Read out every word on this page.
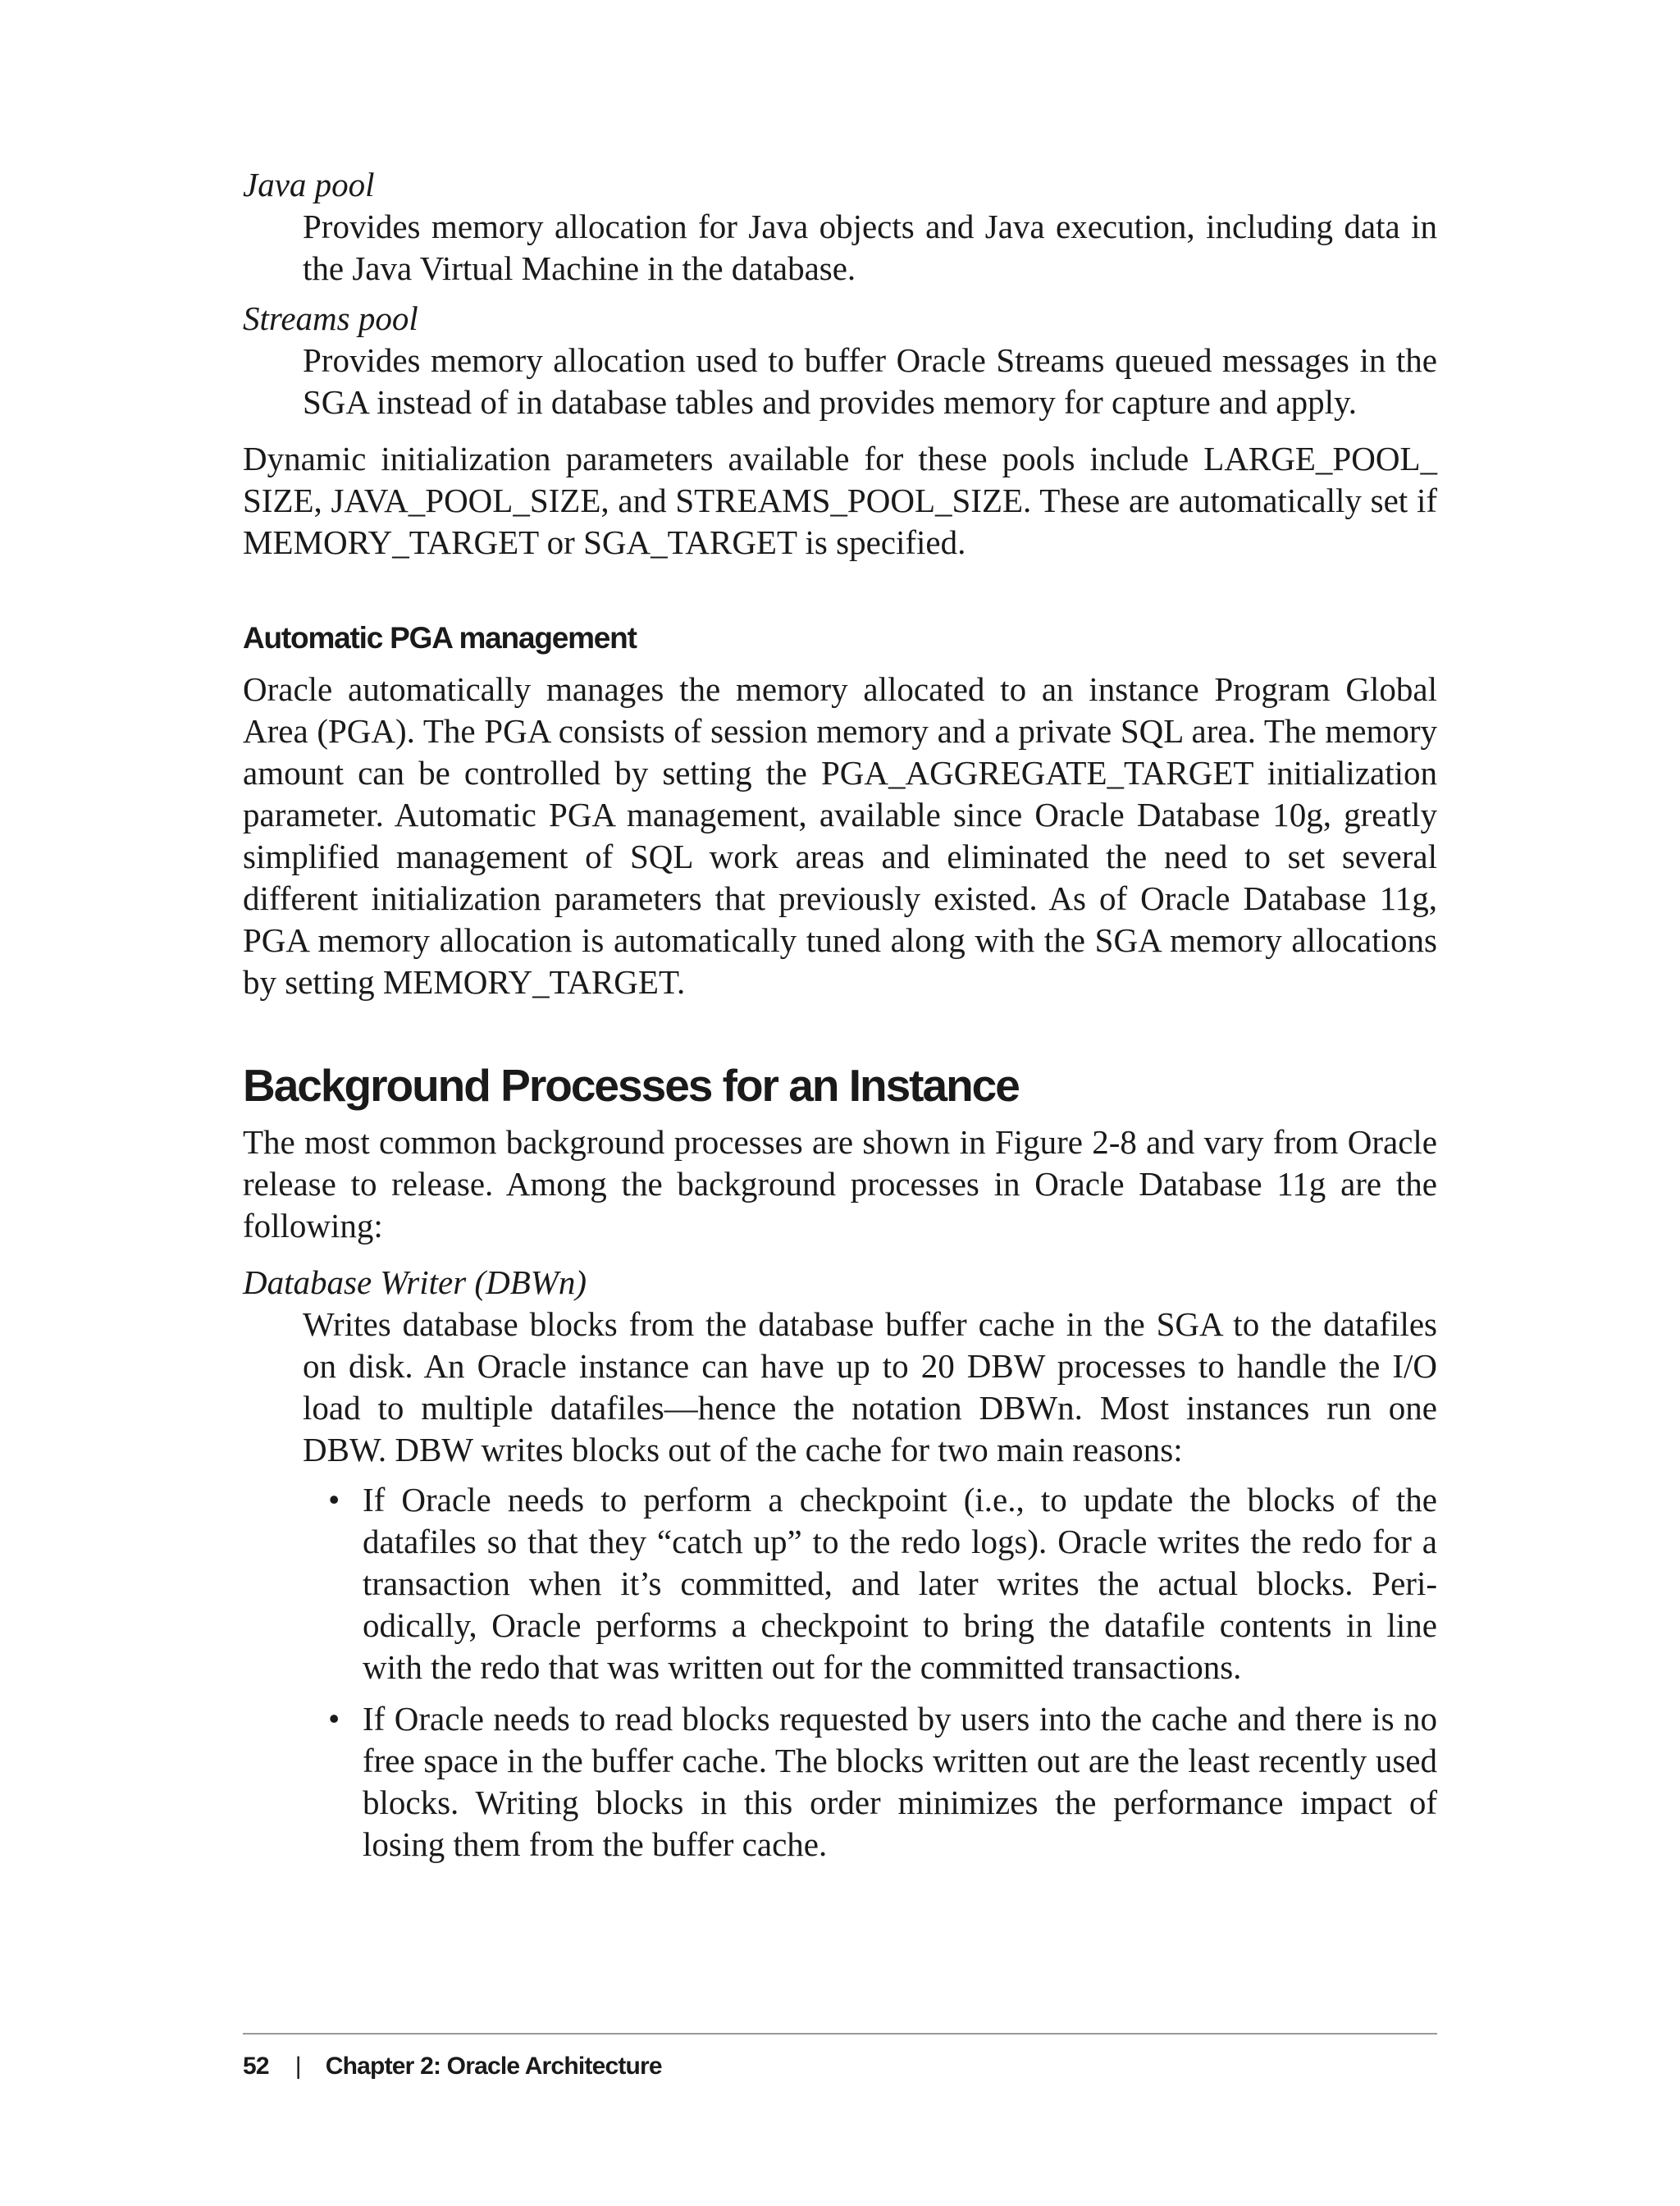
Java pool

Provides memory allocation for Java objects and Java execution, including data in the Java Virtual Machine in the database.

Streams pool

Provides memory allocation used to buffer Oracle Streams queued messages in the SGA instead of in database tables and provides memory for capture and apply.

Dynamic initialization parameters available for these pools include LARGE_POOL_ SIZE, JAVA_POOL_SIZE, and STREAMS_POOL_SIZE. These are automatically set if MEMORY_TARGET or SGA_TARGET is specified.

Automatic PGA management

Oracle automatically manages the memory allocated to an instance Program Global Area (PGA). The PGA consists of session memory and a private SQL area. The memory amount can be controlled by setting the PGA_AGGREGATE_TARGET initialization parameter. Automatic PGA management, available since Oracle Database 10g, greatly simplified management of SQL work areas and eliminated the need to set several different initialization parameters that previously existed. As of Oracle Database 11g, PGA memory allocation is automatically tuned along with the SGA memory allocations by setting MEMORY_TARGET.

Background Processes for an Instance

The most common background processes are shown in Figure 2-8 and vary from Oracle release to release. Among the background processes in Oracle Database 11g are the following:

Database Writer (DBWn)

Writes database blocks from the database buffer cache in the SGA to the datafiles on disk. An Oracle instance can have up to 20 DBW processes to handle the I/O load to multiple datafiles—hence the notation DBWn. Most instances run one DBW. DBW writes blocks out of the cache for two main reasons:

• If Oracle needs to perform a checkpoint (i.e., to update the blocks of the datafiles so that they “catch up” to the redo logs). Oracle writes the redo for a transaction when it’s committed, and later writes the actual blocks. Periodically, Oracle performs a checkpoint to bring the datafile contents in line with the redo that was written out for the committed transactions.

• If Oracle needs to read blocks requested by users into the cache and there is no free space in the buffer cache. The blocks written out are the least recently used blocks. Writing blocks in this order minimizes the performance impact of losing them from the buffer cache.

52 | Chapter 2: Oracle Architecture
